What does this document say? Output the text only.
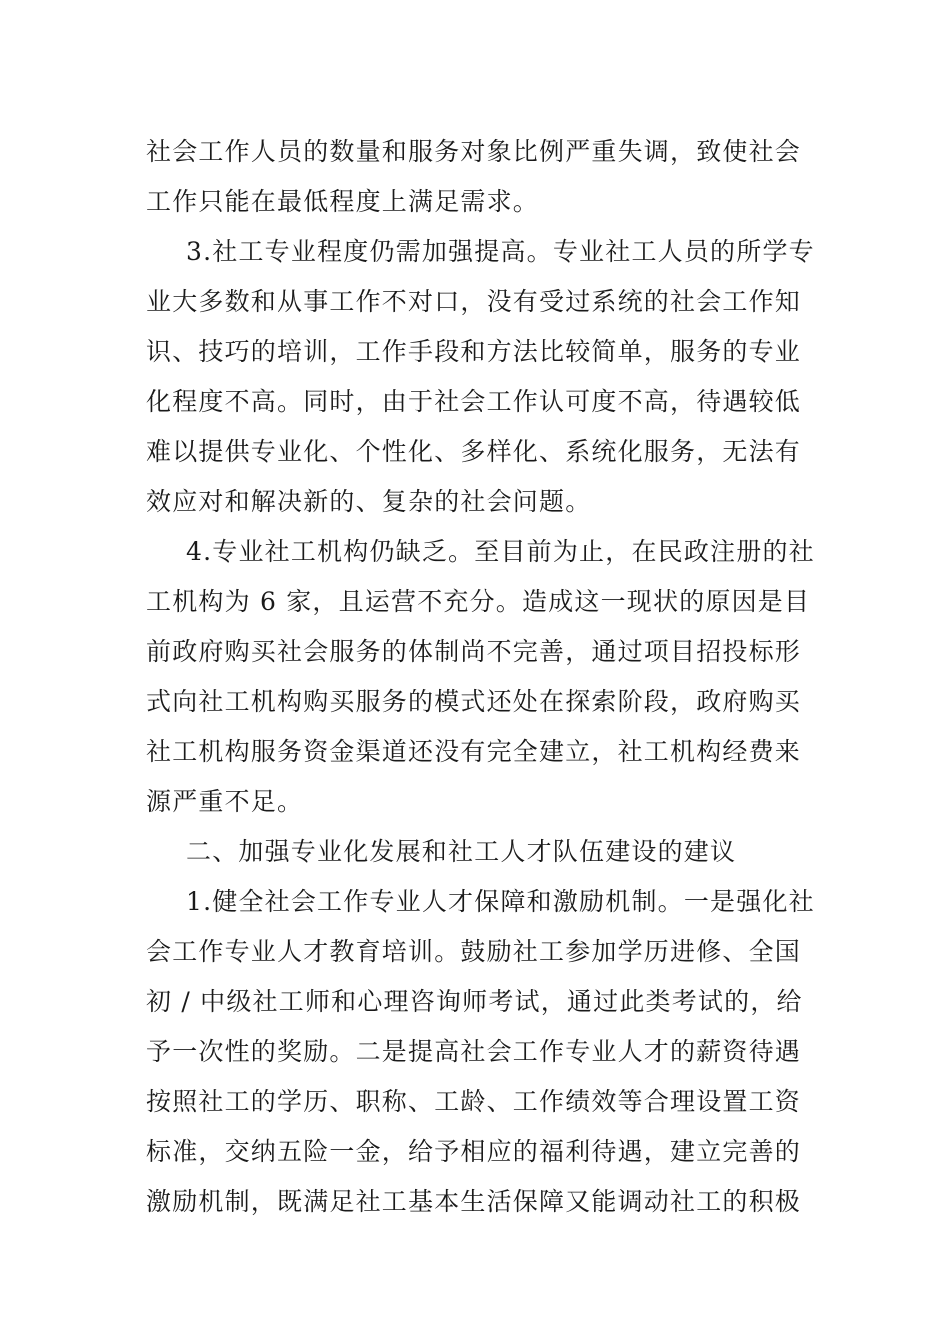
社会工作人员的数量和服务对象比例严重失调，致使社会
工作只能在最低程度上满足需求。
3.社工专业程度仍需加强提高。专业社工人员的所学专
业大多数和从事工作不对口，没有受过系统的社会工作知
识、技巧的培训，工作手段和方法比较简单，服务的专业
化程度不高。同时，由于社会工作认可度不高，待遇较低
难以提供专业化、个性化、多样化、系统化服务，无法有
效应对和解决新的、复杂的社会问题。
4.专业社工机构仍缺乏。至目前为止，在民政注册的社
工机构为 6 家，且运营不充分。造成这一现状的原因是目
前政府购买社会服务的体制尚不完善，通过项目招投标形
式向社工机构购买服务的模式还处在探索阶段，政府购买
社工机构服务资金渠道还没有完全建立，社工机构经费来
源严重不足。
二、加强专业化发展和社工人才队伍建设的建议
1.健全社会工作专业人才保障和激励机制。一是强化社
会工作专业人才教育培训。鼓励社工参加学历进修、全国
初 / 中级社工师和心理咨询师考试，通过此类考试的，给
予一次性的奖励。二是提高社会工作专业人才的薪资待遇
按照社工的学历、职称、工龄、工作绩效等合理设置工资
标准，交纳五险一金，给予相应的福利待遇，建立完善的
激励机制，既满足社工基本生活保障又能调动社工的积极
